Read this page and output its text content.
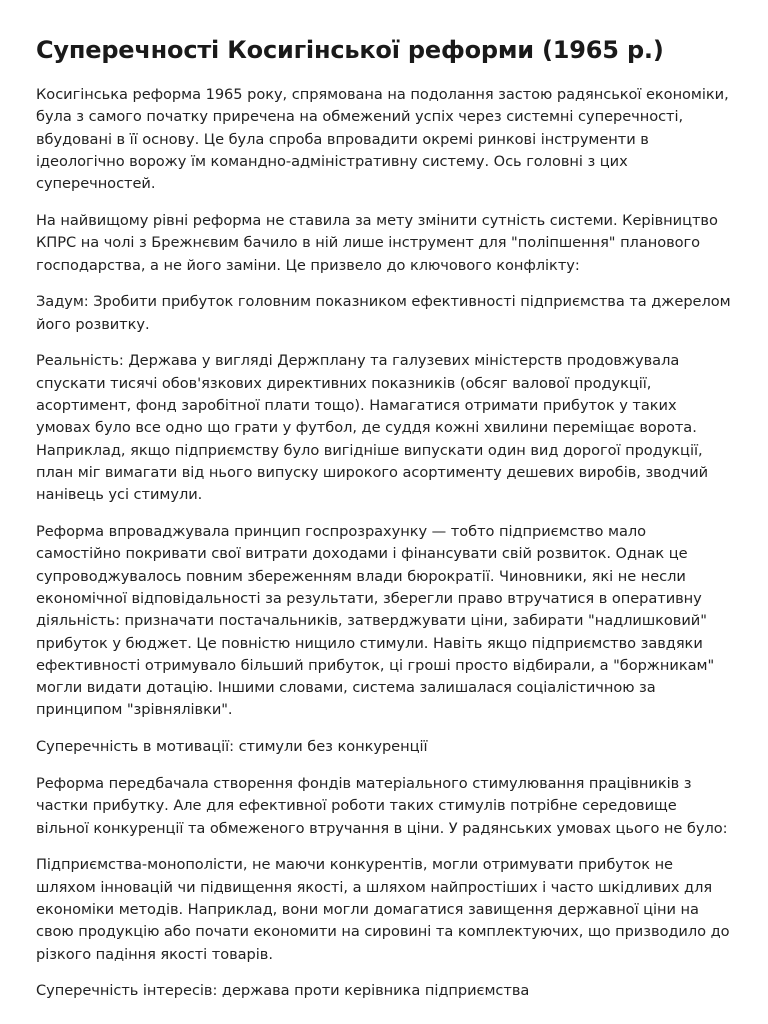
Суперечності Косигінської реформи (1965 р.)

Косигінська реформа 1965 року, спрямована на подолання застою радянської економіки, була з самого початку приречена на обмежений успіх через системні суперечності, вбудовані в її основу. Це була спроба впровадити окремі ринкові інструменти в ідеологічно ворожу їм командно-адміністративну систему. Ось головні з цих суперечностей.

На найвищому рівні реформа не ставила за мету змінити сутність системи. Керівництво КПРС на чолі з Брежнєвим бачило в ній лише інструмент для "поліпшення" планового господарства, а не його заміни. Це призвело до ключового конфлікту:

Задум: Зробити прибуток головним показником ефективності підприємства та джерелом його розвитку.

Реальність: Держава у вигляді Держплану та галузевих міністерств продовжувала спускати тисячі обов'язкових директивних показників (обсяг валової продукції, асортимент, фонд заробітної плати тощо). Намагатися отримати прибуток у таких умовах було все одно що грати у футбол, де суддя кожні хвилини переміщає ворота. Наприклад, якщо підприємству було вигідніше випускати один вид дорогої продукції, план міг вимагати від нього випуску широкого асортименту дешевих виробів, зводчий нанівець усі стимули.

Реформа впроваджувала принцип госпрозрахунку — тобто підприємство мало самостійно покривати свої витрати доходами і фінансувати свій розвиток. Однак це супроводжувалось повним збереженням влади бюрократії. Чиновники, які не несли економічної відповідальності за результати, зберегли право втручатися в оперативну діяльність: призначати постачальників, затверджувати ціни, забирати "надлишковий" прибуток у бюджет. Це повністю нищило стимули. Навіть якщо підприємство завдяки ефективності отримувало більший прибуток, ці гроші просто відбирали, а "боржникам" могли видати дотацію. Іншими словами, система залишалася соціалістичною за принципом "зрівнялівки".

Суперечність в мотивації: стимули без конкуренції

Реформа передбачала створення фондів матеріального стимулювання працівників з частки прибутку. Але для ефективної роботи таких стимулів потрібне середовище вільної конкуренції та обмеженого втручання в ціни. У радянських умовах цього не було:

Підприємства-монополісти, не маючи конкурентів, могли отримувати прибуток не шляхом інновацій чи підвищення якості, а шляхом найпростіших і часто шкідливих для економіки методів. Наприклад, вони могли домагатися завищення державної ціни на свою продукцію або почати економити на сировині та комплектуючих, що призводило до різкого падіння якості товарів.

Суперечність інтересів: держава проти керівника підприємства
